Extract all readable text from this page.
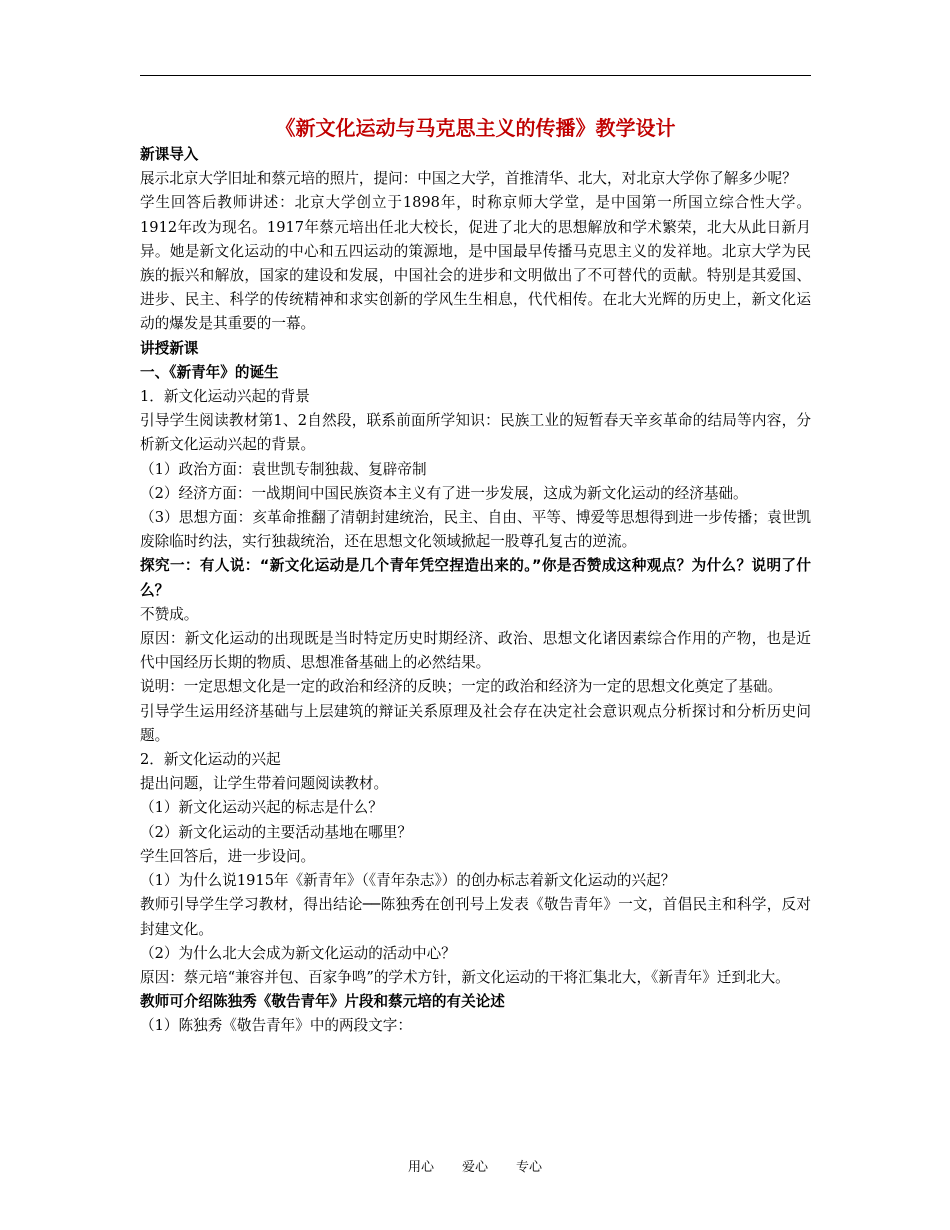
《新文化运动与马克思主义的传播》教学设计

新课导入

展示北京大学旧址和蔡元培的照片，提问：中国之大学，首推清华、北大，对北京大学你了解多少呢？

学生回答后教师讲述：北京大学创立于1898年，时称京师大学堂，是中国第一所国立综合性大学。1912年改为现名。1917年蔡元培出任北大校长，促进了北大的思想解放和学术繁荣，北大从此日新月异。她是新文化运动的中心和五四运动的策源地，是中国最早传播马克思主义的发祥地。北京大学为民族的振兴和解放，国家的建设和发展，中国社会的进步和文明做出了不可替代的贡献。特别是其爱国、进步、民主、科学的传统精神和求实创新的学风生生相息，代代相传。在北大光辉的历史上，新文化运动的爆发是其重要的一幕。

讲授新课

一、《新青年》的诞生

1．新文化运动兴起的背景

引导学生阅读教材第1、2自然段，联系前面所学知识：民族工业的短暂春天辛亥革命的结局等内容，分析新文化运动兴起的背景。

（1）政治方面：袁世凯专制独裁、复辟帝制

（2）经济方面：一战期间中国民族资本主义有了进一步发展，这成为新文化运动的经济基础。

（3）思想方面：亥革命推翻了清朝封建统治，民主、自由、平等、博爱等思想得到进一步传播；袁世凯废除临时约法，实行独裁统治，还在思想文化领域掀起一股尊孔复古的逆流。

探究一：有人说：“新文化运动是几个青年凭空捏造出来的。”你是否赞成这种观点？为什么？说明了什么？

不赞成。

原因：新文化运动的出现既是当时特定历史时期经济、政治、思想文化诸因素综合作用的产物，也是近代中国经历长期的物质、思想准备基础上的必然结果。

说明：一定思想文化是一定的政治和经济的反映；一定的政治和经济为一定的思想文化奠定了基础。

引导学生运用经济基础与上层建筑的辩证关系原理及社会存在决定社会意识观点分析探讨和分析历史问题。

2．新文化运动的兴起

提出问题，让学生带着问题阅读教材。

（1）新文化运动兴起的标志是什么？

（2）新文化运动的主要活动基地在哪里？

学生回答后，进一步设问。

（1）为什么说1915年《新青年》（《青年杂志》）的创办标志着新文化运动的兴起？

教师引导学生学习教材，得出结论──陈独秀在创刊号上发表《敬告青年》一文，首倡民主和科学，反对封建文化。

（2）为什么北大会成为新文化运动的活动中心？

原因：蔡元培“兼容并包、百家争鸣”的学术方针，新文化运动的干将汇集北大，《新青年》迁到北大。

教师可介绍陈独秀《敬告青年》片段和蔡元培的有关论述

（1）陈独秀《敬告青年》中的两段文字：

用心 爱心 专心
